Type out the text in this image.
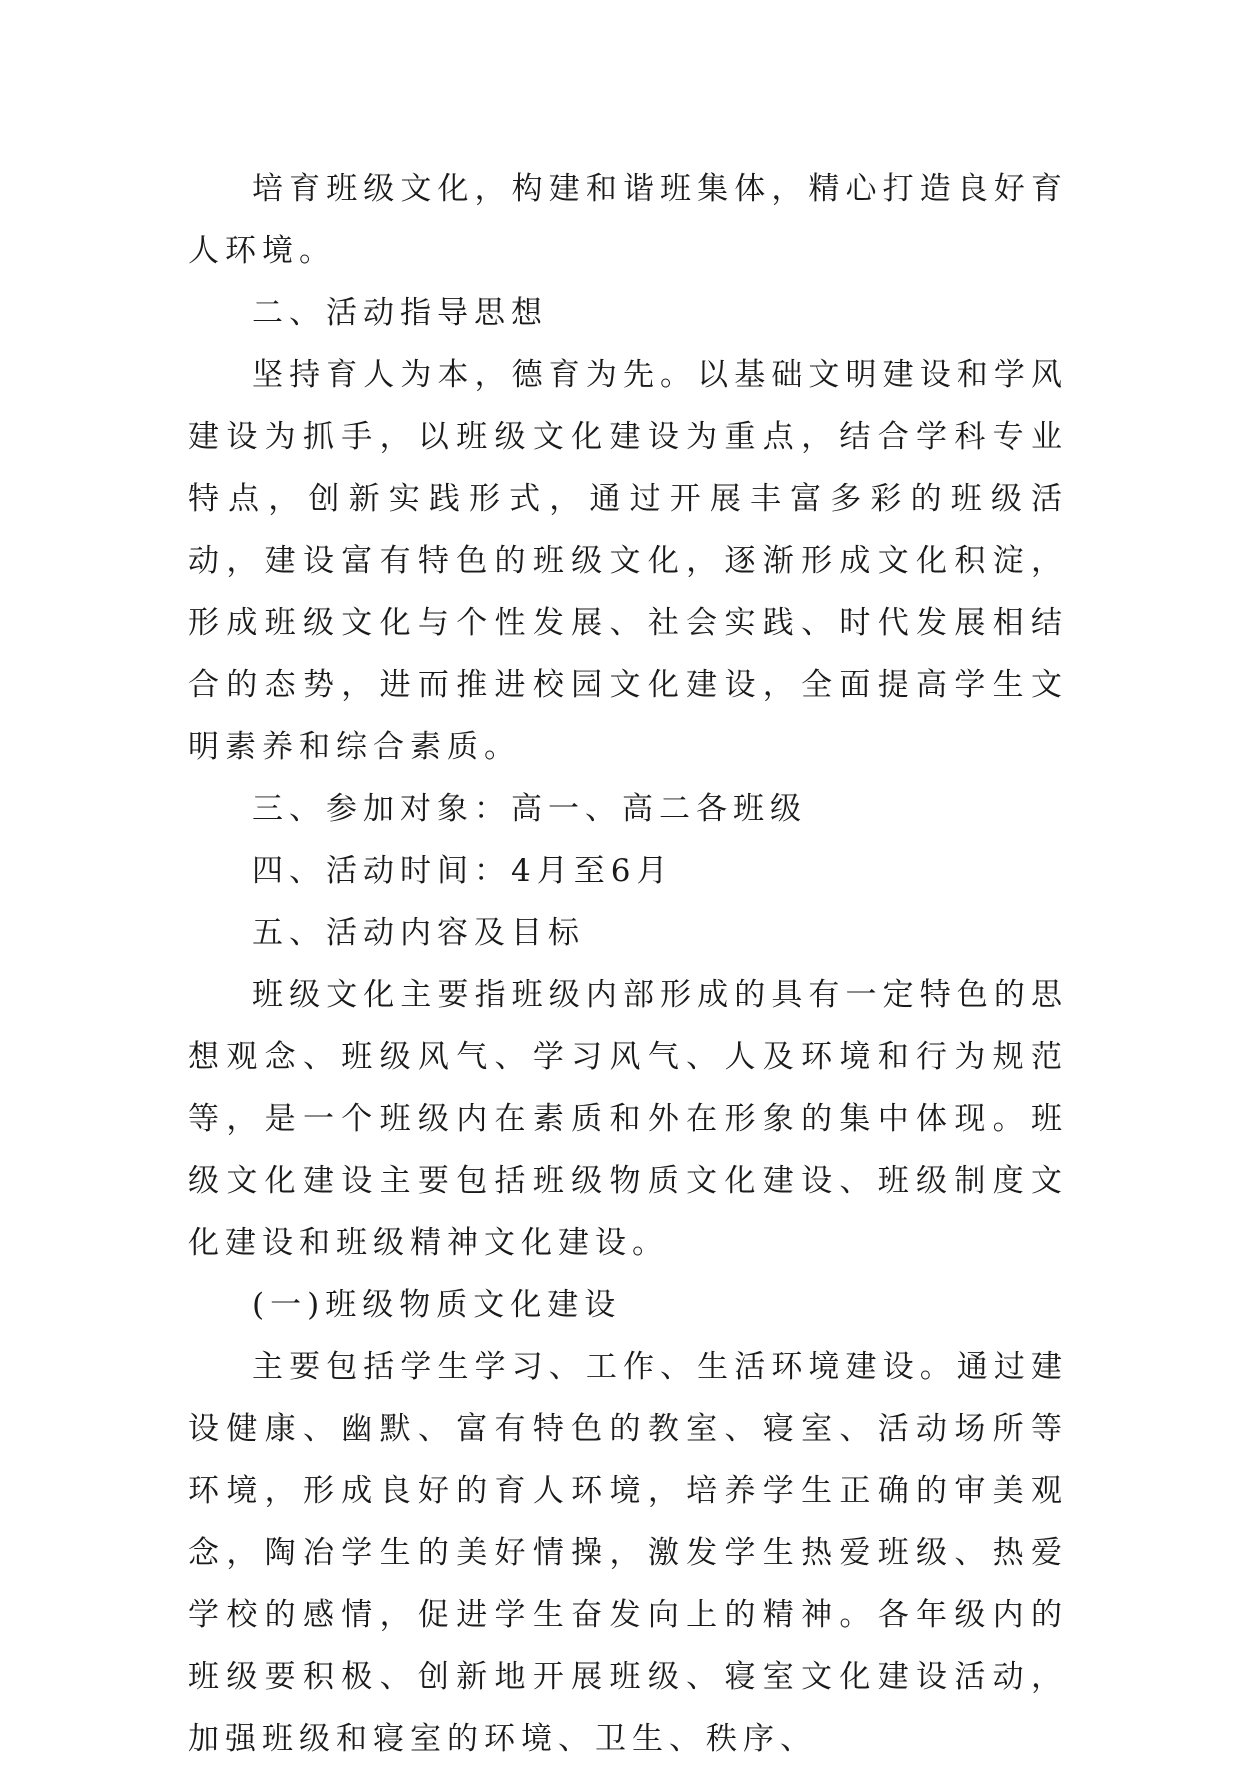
培育班级文化，构建和谐班集体，精心打造良好育人环境。

二、活动指导思想

坚持育人为本，德育为先。以基础文明建设和学风建设为抓手，以班级文化建设为重点，结合学科专业特点，创新实践形式，通过开展丰富多彩的班级活动，建设富有特色的班级文化，逐渐形成文化积淀，形成班级文化与个性发展、社会实践、时代发展相结合的态势，进而推进校园文化建设，全面提高学生文明素养和综合素质。

三、参加对象：高一、高二各班级

四、活动时间：4月至6月

五、活动内容及目标

班级文化主要指班级内部形成的具有一定特色的思想观念、班级风气、学习风气、人及环境和行为规范等，是一个班级内在素质和外在形象的集中体现。班级文化建设主要包括班级物质文化建设、班级制度文化建设和班级精神文化建设。

(一)班级物质文化建设

主要包括学生学习、工作、生活环境建设。通过建设健康、幽默、富有特色的教室、寝室、活动场所等环境，形成良好的育人环境，培养学生正确的审美观念，陶冶学生的美好情操，激发学生热爱班级、热爱学校的感情，促进学生奋发向上的精神。各年级内的班级要积极、创新地开展班级、寝室文化建设活动，加强班级和寝室的环境、卫生、秩序、
